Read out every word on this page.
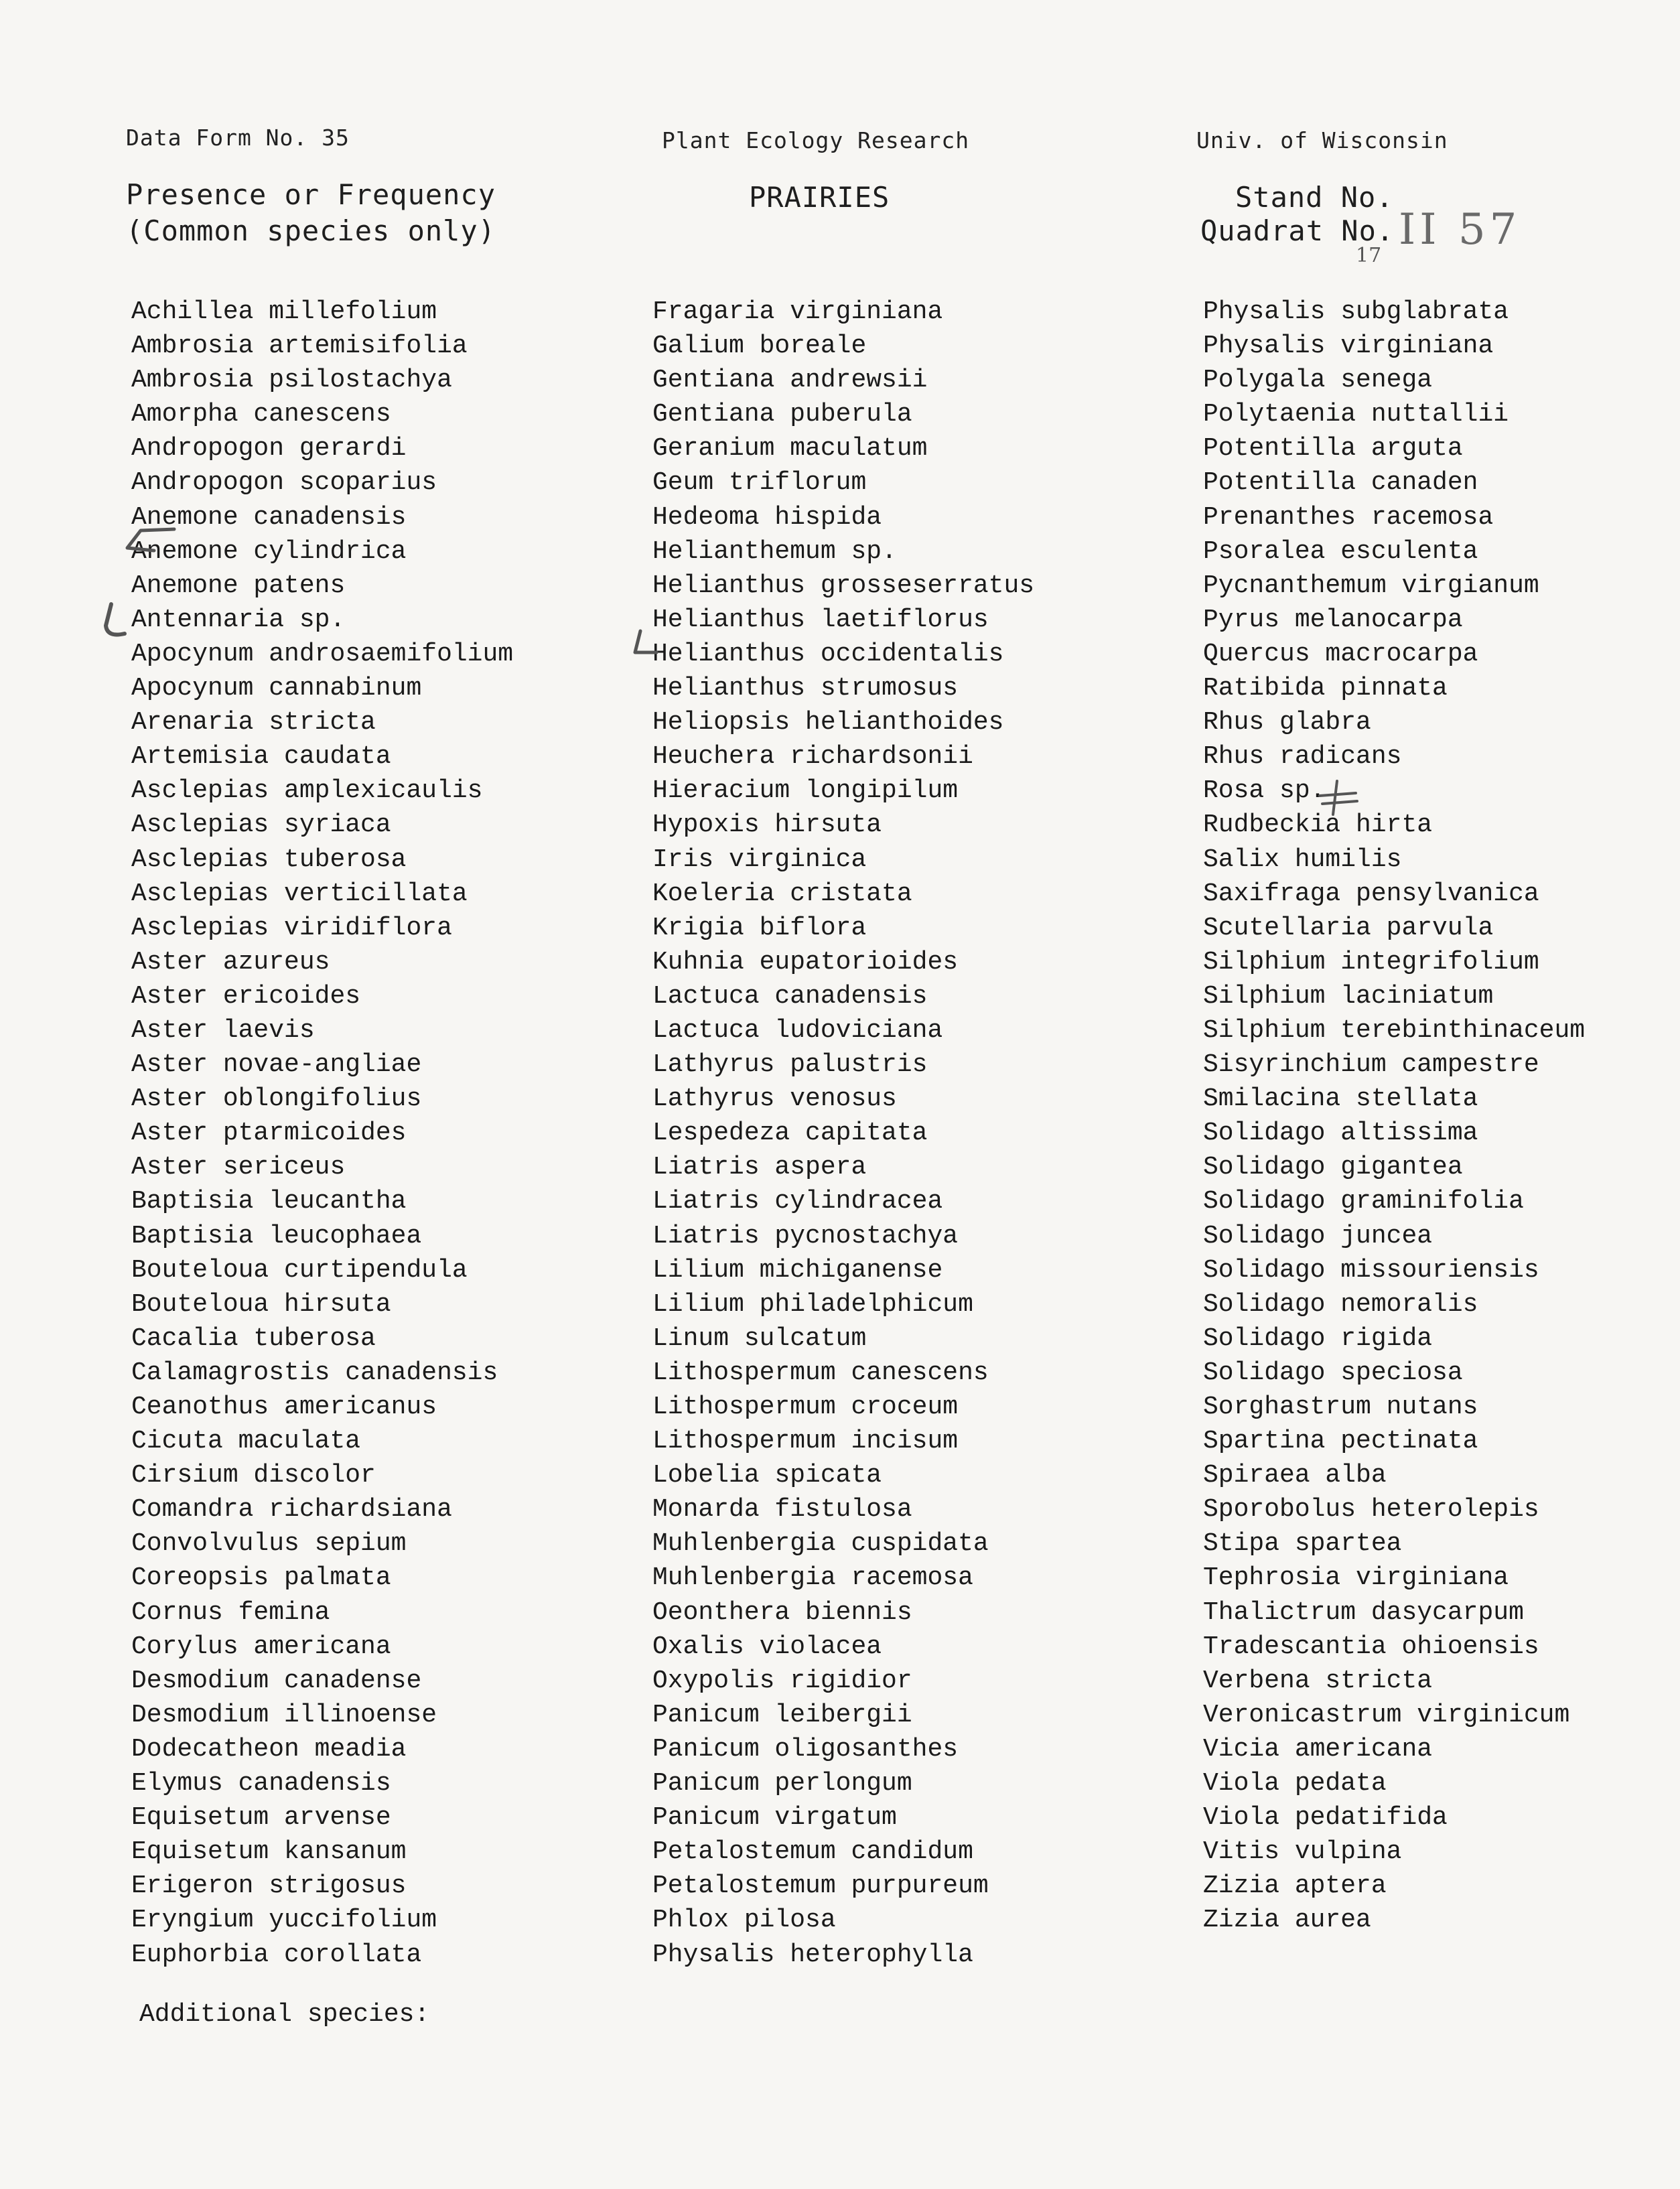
Data Form No. 35	Plant Ecology Research	Univ. of Wisconsin
Presence or Frequency
(Common species only)
PRAIRIES	Stand No.
Quadrat No. II 57
17
Achillea millefolium
Ambrosia artemisifolia
Ambrosia psilostachya
Amorpha canescens
Andropogon gerardi
Andropogon scoparius
Anemone canadensis
Anemone cylindrica
Anemone patens
Antennaria sp.
Apocynum androsaemifolium
Apocynum cannabinum
Arenaria stricta
Artemisia caudata
Asclepias amplexicaulis
Asclepias syriaca
Asclepias tuberosa
Asclepias verticillata
Asclepias viridiflora
Aster azureus
Aster ericoides
Aster laevis
Aster novae-angliae
Aster oblongifolius
Aster ptarmicoides
Aster sericeus
Baptisia leucantha
Baptisia leucophaea
Bouteloua curtipendula
Bouteloua hirsuta
Cacalia tuberosa
Calamagrostis canadensis
Ceanothus americanus
Cicuta maculata
Cirsium discolor
Comandra richardsiana
Convolvulus sepium
Coreopsis palmata
Cornus femina
Corylus americana
Desmodium canadense
Desmodium illinoense
Dodecatheon meadia
Elymus canadensis
Equisetum arvense
Equisetum kansanum
Erigeron strigosus
Eryngium yuccifolium
Euphorbia corollata
Fragaria virginiana
Galium boreale
Gentiana andrewsii
Gentiana puberula
Geranium maculatum
Geum triflorum
Hedeoma hispida
Helianthemum sp.
Helianthus grosseserratus
Helianthus laetiflorus
Helianthus occidentalis
Helianthus strumosus
Heliopsis helianthoides
Heuchera richardsonii
Hieracium longipilum
Hypoxis hirsuta
Iris virginica
Koeleria cristata
Krigia biflora
Kuhnia eupatorioides
Lactuca canadensis
Lactuca ludoviciana
Lathyrus palustris
Lathyrus venosus
Lespedeza capitata
Liatris aspera
Liatris cylindracea
Liatris pycnostachya
Lilium michiganense
Lilium philadelphicum
Linum sulcatum
Lithospermum canescens
Lithospermum croceum
Lithospermum incisum
Lobelia spicata
Monarda fistulosa
Muhlenbergia cuspidata
Muhlenbergia racemosa
Oeonthera biennis
Oxalis violacea
Oxypolis rigidior
Panicum leibergii
Panicum oligosanthes
Panicum perlongum
Panicum virgatum
Petalostemum candidum
Petalostemum purpureum
Phlox pilosa
Physalis heterophylla
Physalis subglabrata
Physalis virginiana
Polygala senega
Polytaenia nuttallii
Potentilla arguta
Potentilla canaden
Prenanthes racemosa
Psoralea esculenta
Pycnanthemum virgianum
Pyrus melanocarpa
Quercus macrocarpa
Ratibida pinnata
Rhus glabra
Rhus radicans
Rosa sp.
Rudbeckia hirta
Salix humilis
Saxifraga pensylvanica
Scutellaria parvula
Silphium integrifolium
Silphium laciniatum
Silphium terebinthinaceum
Sisyrinchium campestre
Smilacina stellata
Solidago altissima
Solidago gigantea
Solidago graminifolia
Solidago juncea
Solidago missouriensis
Solidago nemoralis
Solidago rigida
Solidago speciosa
Sorghastrum nutans
Spartina pectinata
Spiraea alba
Sporobolus heterolepis
Stipa spartea
Tephrosia virginiana
Thalictrum dasycarpum
Tradescantia ohioensis
Verbena stricta
Veronicastrum virginicum
Vicia americana
Viola pedata
Viola pedatifida
Vitis vulpina
Zizia aptera
Zizia aurea
Additional species:
